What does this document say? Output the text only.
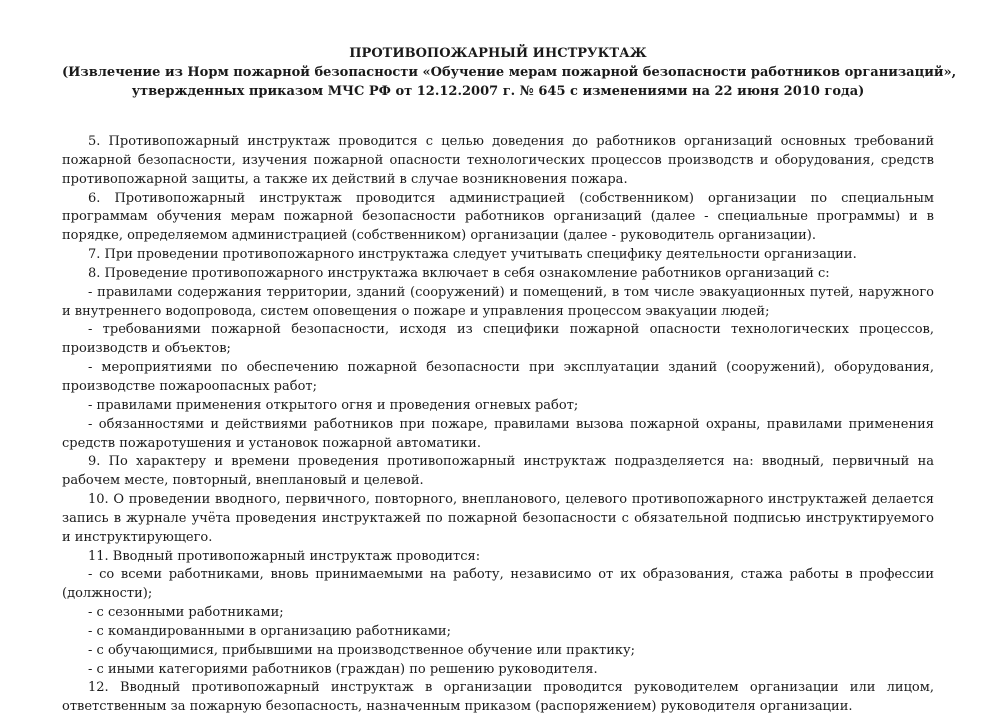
ПРОТИВОПОЖАРНЫЙ ИНСТРУКТАЖ
(Извлечение из Норм пожарной безопасности «Обучение мерам пожарной безопасности работников организаций»,
утвержденных приказом МЧС РФ от 12.12.2007 г. № 645 с изменениями на 22 июня 2010 года)

5. Противопожарный инструктаж проводится с целью доведения до работников организаций основных требований пожарной безопасности, изучения пожарной опасности технологических процессов производств и оборудования, средств противопожарной защиты, а также их действий в случае возникновения пожара.

6. Противопожарный инструктаж проводится администрацией (собственником) организации по специальным программам обучения мерам пожарной безопасности работников организаций (далее - специальные программы) и в порядке, определяемом администрацией (собственником) организации (далее - руководитель организации).

7. При проведении противопожарного инструктажа следует учитывать специфику деятельности организации.

8. Проведение противопожарного инструктажа включает в себя ознакомление работников организаций с:

- правилами содержания территории, зданий (сооружений) и помещений, в том числе эвакуационных путей, наружного и внутреннего водопровода, систем оповещения о пожаре и управления процессом эвакуации людей;

- требованиями пожарной безопасности, исходя из специфики пожарной опасности технологических процессов, производств и объектов;

- мероприятиями по обеспечению пожарной безопасности при эксплуатации зданий (сооружений), оборудования, производстве пожароопасных работ;

- правилами применения открытого огня и проведения огневых работ;

- обязанностями и действиями работников при пожаре, правилами вызова пожарной охраны, правилами применения средств пожаротушения и установок пожарной автоматики.

9. По характеру и времени проведения противопожарный инструктаж подразделяется на: вводный, первичный на рабочем месте, повторный, внеплановый и целевой.

10. О проведении вводного, первичного, повторного, внепланового, целевого противопожарного инструктажей делается запись в журнале учёта проведения инструктажей по пожарной безопасности с обязательной подписью инструктируемого и инструктирующего.

11. Вводный противопожарный инструктаж проводится:

- со всеми работниками, вновь принимаемыми на работу, независимо от их образования, стажа работы в профессии (должности);

- с сезонными работниками;

- с командированными в организацию работниками;

- с обучающимися, прибывшими на производственное обучение или практику;

- с иными категориями работников (граждан) по решению руководителя.

12. Вводный противопожарный инструктаж в организации проводится руководителем организации или лицом, ответственным за пожарную безопасность, назначенным приказом (распоряжением) руководителя организации.
